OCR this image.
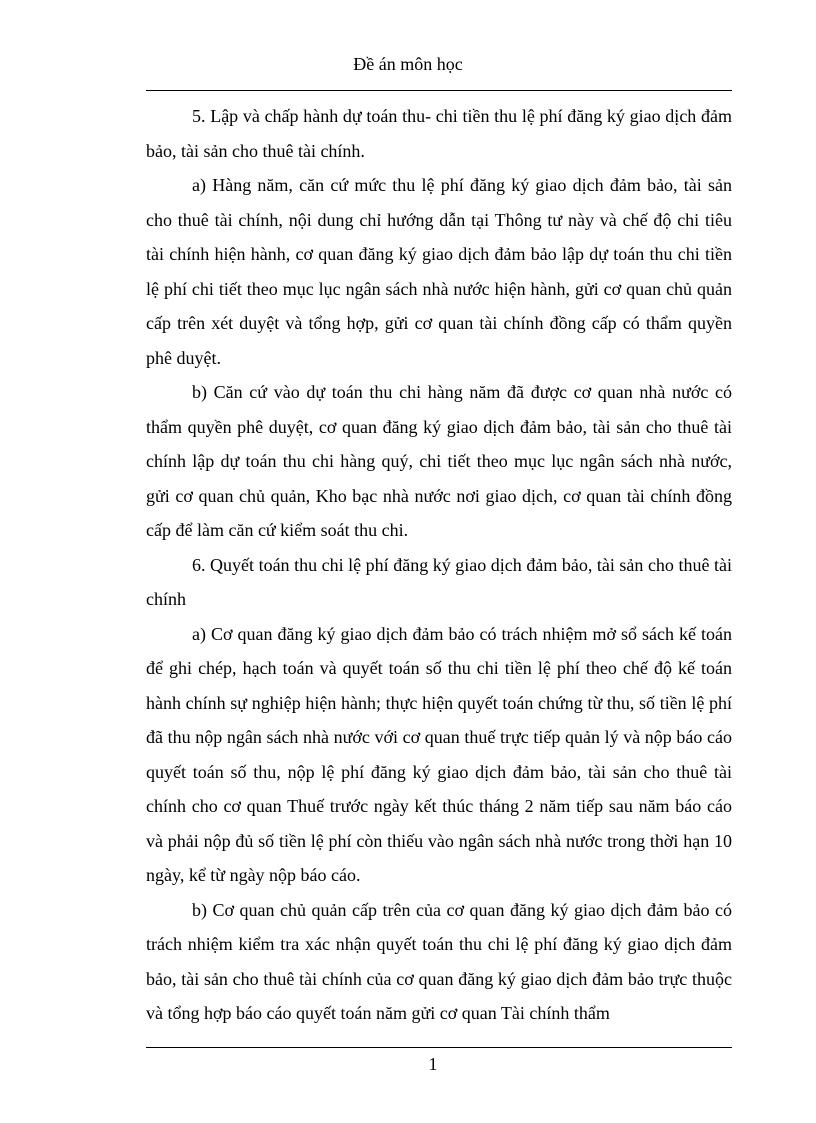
Đề án môn học

5. Lập và chấp hành dự toán thu- chi tiền thu lệ phí đăng ký giao dịch đảm bảo, tài sản cho thuê tài chính.

a) Hàng năm, căn cứ mức thu lệ phí đăng ký giao dịch đảm bảo, tài sản cho thuê tài chính, nội dung chỉ hướng dẫn tại Thông tư này và chế độ chi tiêu tài chính hiện hành, cơ quan đăng ký giao dịch đảm bảo lập dự toán thu chi tiền lệ phí chi tiết theo mục lục ngân sách nhà nước hiện hành, gửi cơ quan chủ quản cấp trên xét duyệt và tổng hợp, gửi cơ quan tài chính đồng cấp có thẩm quyền phê duyệt.

b) Căn cứ vào dự toán thu chi hàng năm đã được cơ quan nhà nước có thẩm quyền phê duyệt, cơ quan đăng ký giao dịch đảm bảo, tài sản cho thuê tài chính lập dự toán thu chi hàng quý, chi tiết theo mục lục ngân sách nhà nước, gửi cơ quan chủ quản, Kho bạc nhà nước nơi giao dịch, cơ quan tài chính đồng cấp để làm căn cứ kiểm soát thu chi.

6. Quyết toán thu chi lệ phí đăng ký giao dịch đảm bảo, tài sản cho thuê tài chính

a) Cơ quan đăng ký giao dịch đảm bảo có trách nhiệm mở sổ sách kế toán để ghi chép, hạch toán và quyết toán số thu chi tiền lệ phí theo chế độ kế toán hành chính sự nghiệp hiện hành; thực hiện quyết toán chứng từ thu, số tiền lệ phí đã thu nộp ngân sách nhà nước với cơ quan thuế trực tiếp quản lý và nộp báo cáo quyết toán số thu, nộp lệ phí đăng ký giao dịch đảm bảo, tài sản cho thuê tài chính cho cơ quan Thuế trước ngày kết thúc tháng 2 năm tiếp sau năm báo cáo và phải nộp đủ số tiền lệ phí còn thiếu vào ngân sách nhà nước trong thời hạn 10 ngày, kể từ ngày nộp báo cáo.

b) Cơ quan chủ quản cấp trên của cơ quan đăng ký giao dịch đảm bảo có trách nhiệm kiểm tra xác nhận quyết toán thu chi lệ phí đăng ký giao dịch đảm bảo, tài sản cho thuê tài chính của cơ quan đăng ký giao dịch đảm bảo trực thuộc và tổng hợp báo cáo quyết toán năm gửi cơ quan Tài chính thẩm

1
